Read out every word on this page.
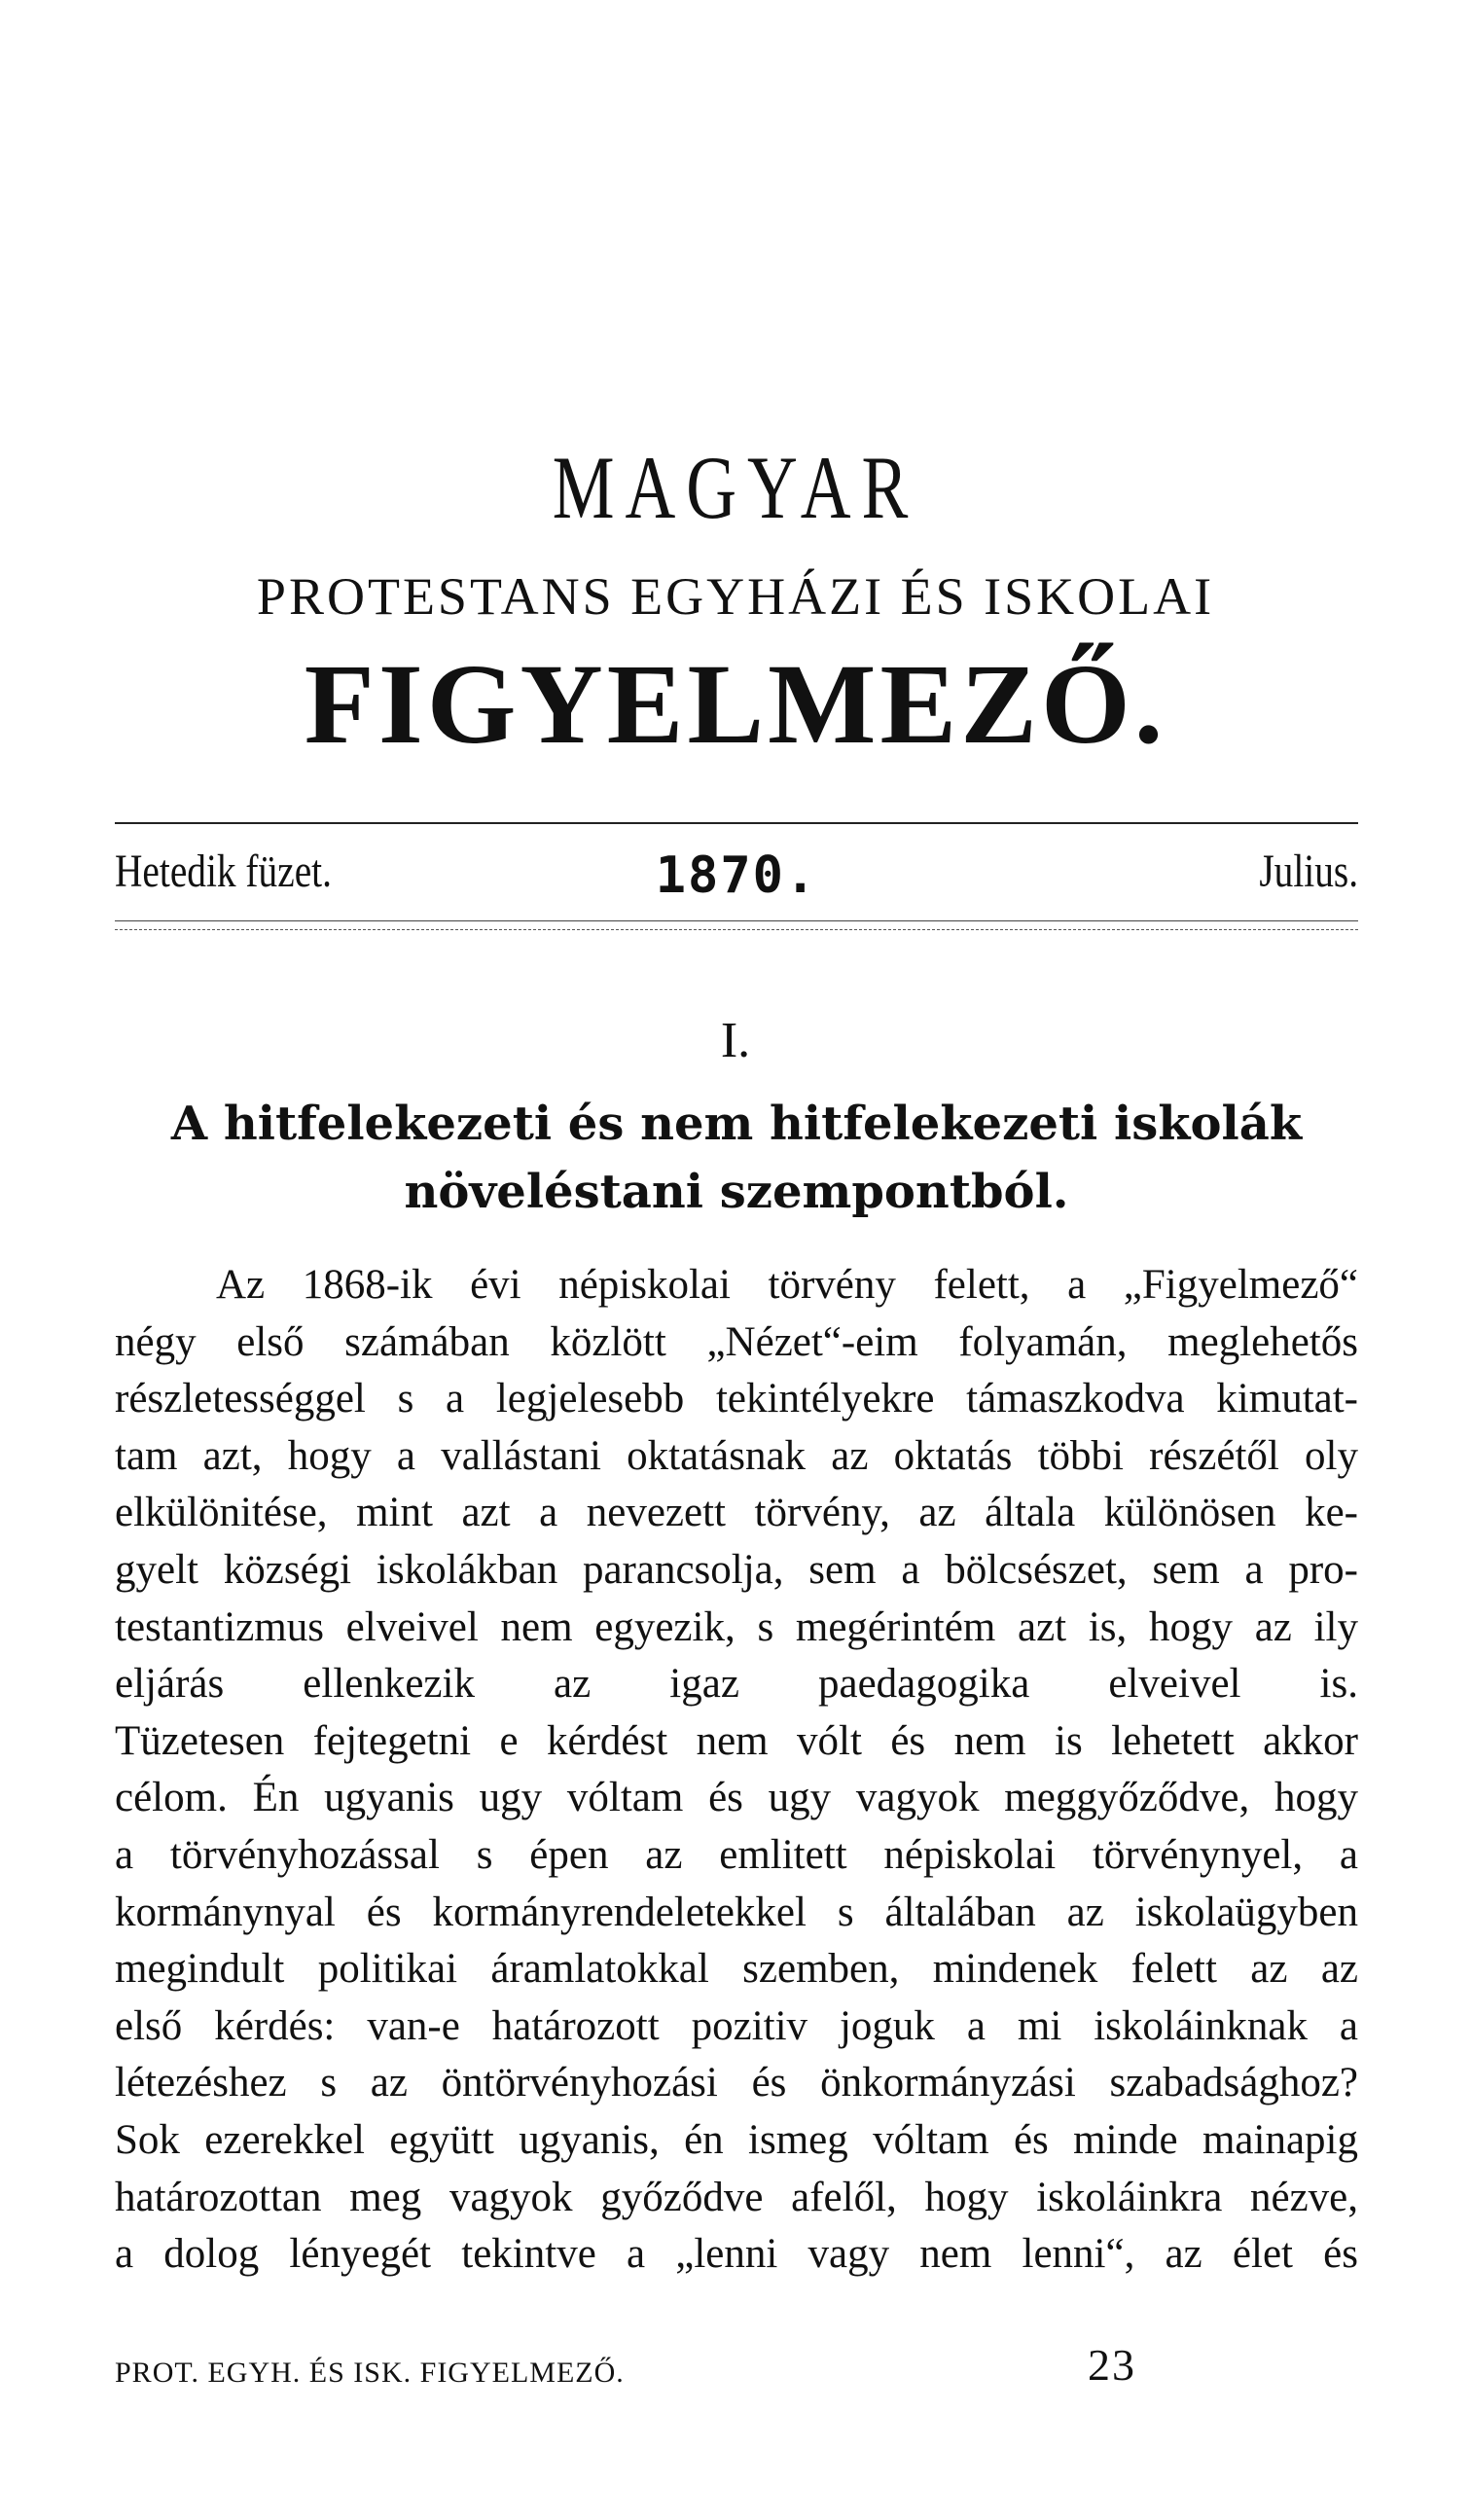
MAGYAR
PROTESTANS EGYHÁZI ÉS ISKOLAI
FIGYELMEZŐ.
Hetedik füzet.	1870.	Julius.
I.
A hitfelekezeti és nem hitfelekezeti iskolák
növeléstani szempontból.
Az 1868-ik évi népiskolai törvény felett, a „Figyelmező“
négy első számában közlött „Nézet“-eim folyamán, meglehetős
részletességgel s a legjelesebb tekintélyekre támaszkodva kimutat-
tam azt, hogy a vallástani oktatásnak az oktatás többi részétől oly
elkülönitése, mint azt a nevezett törvény, az általa különösen ke-
gyelt községi iskolákban parancsolja, sem a bölcsészet, sem a pro-
testantizmus elveivel nem egyezik, s megérintém azt is, hogy az ily
eljárás ellenkezik az igaz paedagogika elveivel is.
Tüzetesen fejtegetni e kérdést nem vólt és nem is lehetett akkor
célom. Én ugyanis ugy vóltam és ugy vagyok meggyőződve, hogy
a törvényhozással s épen az emlitett népiskolai törvénynyel, a
kormánynyal és kormányrendeletekkel s általában az iskolaügyben
megindult politikai áramlatokkal szemben, mindenek felett az az
első kérdés: van-e határozott pozitiv joguk a mi iskoláinknak a
létezéshez s az öntörvényhozási és önkormányzási szabadsághoz?
Sok ezerekkel együtt ugyanis, én ismeg vóltam és minde mainapig
határozottan meg vagyok győződve afelől, hogy iskoláinkra nézve,
a dolog lényegét tekintve a „lenni vagy nem lenni“, az élet és
PROT. EGYH. ÉS ISK. FIGYELMEZŐ.	23
